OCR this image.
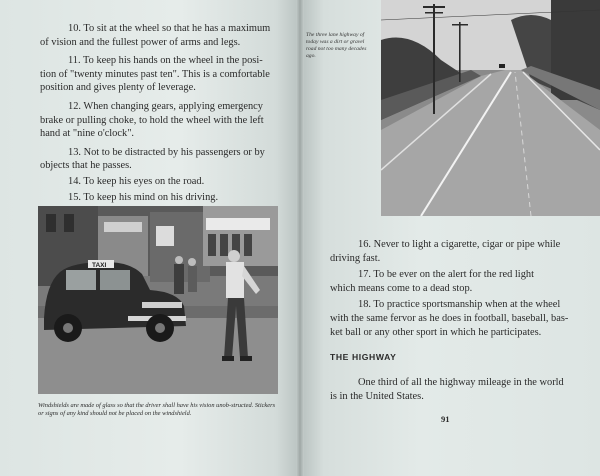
10. To sit at the wheel so that he has a maximum

of vision and the fullest power of arms and legs.

11. To keep his hands on the wheel in the posi-

tion of "twenty minutes past ten". This is a comfortable

position and gives plenty of leverage.

12. When changing gears, applying emergency

brake or pulling choke, to hold the wheel with the left

hand at "nine o'clock".

13. Not to be distracted by his passengers or by

objects that he passes.

14. To keep his eyes on the road.

15. To keep his mind on his driving.

TAXI
Windshields are made of glass so that the driver shall have his vision unob-structed. Stickers or signs of any kind should not be placed on the windshield.
The three lane highway of today was a dirt or gravel road not too many decades ago.

16. Never to light a cigarette, cigar or pipe while

driving fast.

17. To be ever on the alert for the red light

which means come to a dead stop.

18. To practice sportsmanship when at the wheel

with the same fervor as he does in football, baseball, bas-

ket ball or any other sport in which he participates.

THE HIGHWAY

One third of all the highway mileage in the world

is in the United States.

91
